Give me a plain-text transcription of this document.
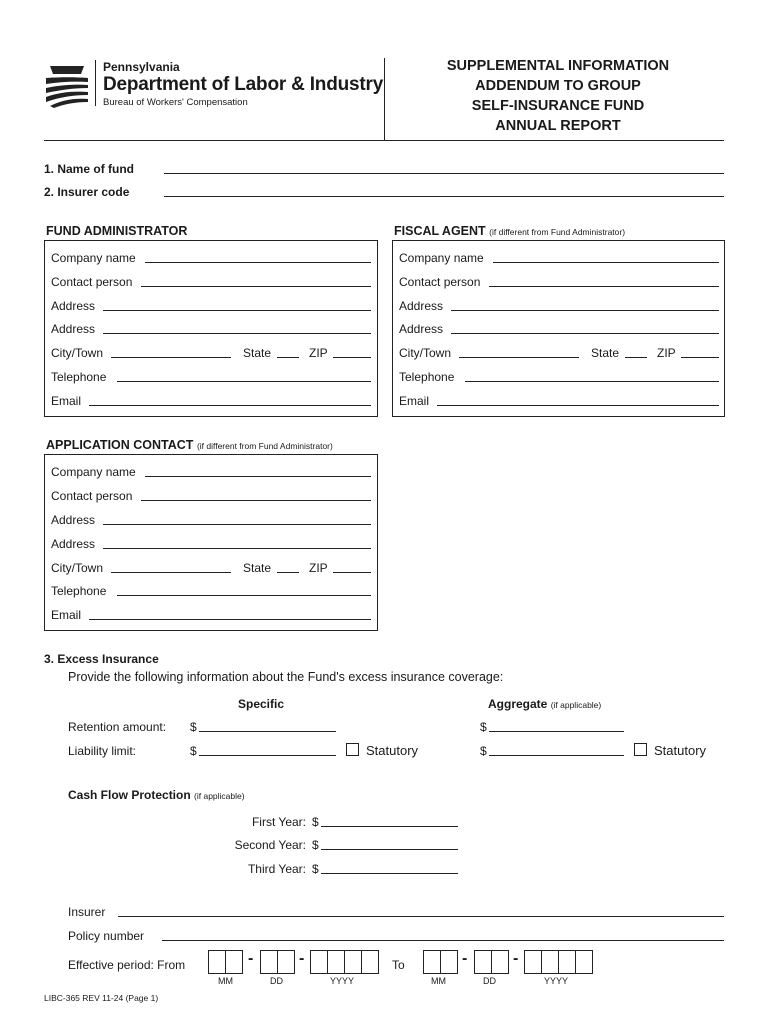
Pennsylvania
Department of Labor & Industry
Bureau of Workers' Compensation
SUPPLEMENTAL INFORMATION
ADDENDUM TO GROUP
SELF-INSURANCE FUND
ANNUAL REPORT
1. Name of fund
2. Insurer code
FUND ADMINISTRATOR
Company name
Contact person
Address
Address
City/Town	State	ZIP
Telephone
Email
FISCAL AGENT (if different from Fund Administrator)
Company name
Contact person
Address
Address
City/Town	State	ZIP
Telephone
Email
APPLICATION CONTACT (if different from Fund Administrator)
Company name
Contact person
Address
Address
City/Town	State	ZIP
Telephone
Email
3. Excess Insurance
Provide the following information about the Fund's excess insurance coverage:
Specific	Aggregate (if applicable)
Retention amount: $	$
Liability limit:	$	Statutory	$	Statutory
Cash Flow Protection (if applicable)
First Year: $
Second Year: $
Third Year: $
Insurer
Policy number
Effective period: From	-	-
MM	DD	YYYY
To	-	-
MM	DD	YYYY
LIBC-365 REV 11-24 (Page 1)
